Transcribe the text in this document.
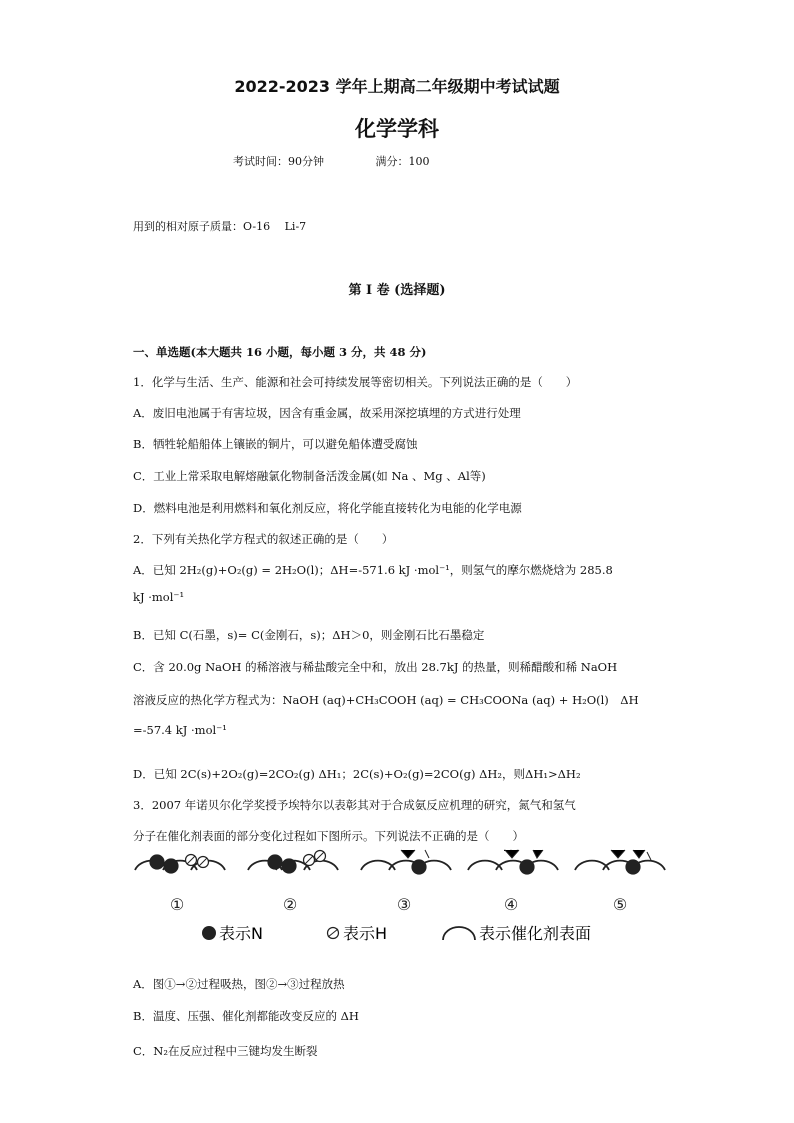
2022-2023 学年上期高二年级期中考试试题
化学学科
考试时间：90分钟	满分：100
用到的相对原子质量：O-16　 Li-7
第 I 卷 (选择题)
一、单选题(本大题共 16 小题，每小题 3 分，共 48 分)
1．化学与生活、生产、能源和社会可持续发展等密切相关。下列说法正确的是（　　）
A．废旧电池属于有害垃圾，因含有重金属，故采用深挖填埋的方式进行处理
B．牺牲轮船船体上镶嵌的铜片，可以避免船体遭受腐蚀
C．工业上常采取电解熔融氯化物制备活泼金属(如 Na 、Mg 、Al等)
D．燃料电池是利用燃料和氧化剂反应，将化学能直接转化为电能的化学电源
2．下列有关热化学方程式的叙述正确的是（　　）
A．已知 2H₂(g)+O₂(g) = 2H₂O(l)；ΔH=-571.6 kJ ·mol⁻¹，则氢气的摩尔燃烧焓为 285.8
kJ ·mol⁻¹
B．已知 C(石墨，s)= C(金刚石，s)；ΔH＞0，则金刚石比石墨稳定
C．含 20.0g NaOH 的稀溶液与稀盐酸完全中和，放出 28.7kJ 的热量，则稀醋酸和稀 NaOH
溶液反应的热化学方程式为：NaOH (aq)+CH₃COOH (aq) = CH₃COONa (aq) + H₂O(l)　ΔH
=-57.4 kJ ·mol⁻¹
D．已知 2C(s)+2O₂(g)=2CO₂(g) ΔH₁；2C(s)+O₂(g)=2CO(g) ΔH₂，则ΔH₁>ΔH₂
3．2007 年诺贝尔化学奖授予埃特尔以表彰其对于合成氨反应机理的研究，氮气和氢气
分子在催化剂表面的部分变化过程如下图所示。下列说法不正确的是（　　）
· · ·
①	②	③	④	⑤
表示N	表示H	表示催化剂表面
A．图①→②过程吸热，图②→③过程放热
B．温度、压强、催化剂都能改变反应的 ΔH
C．N₂在反应过程中三键均发生断裂
